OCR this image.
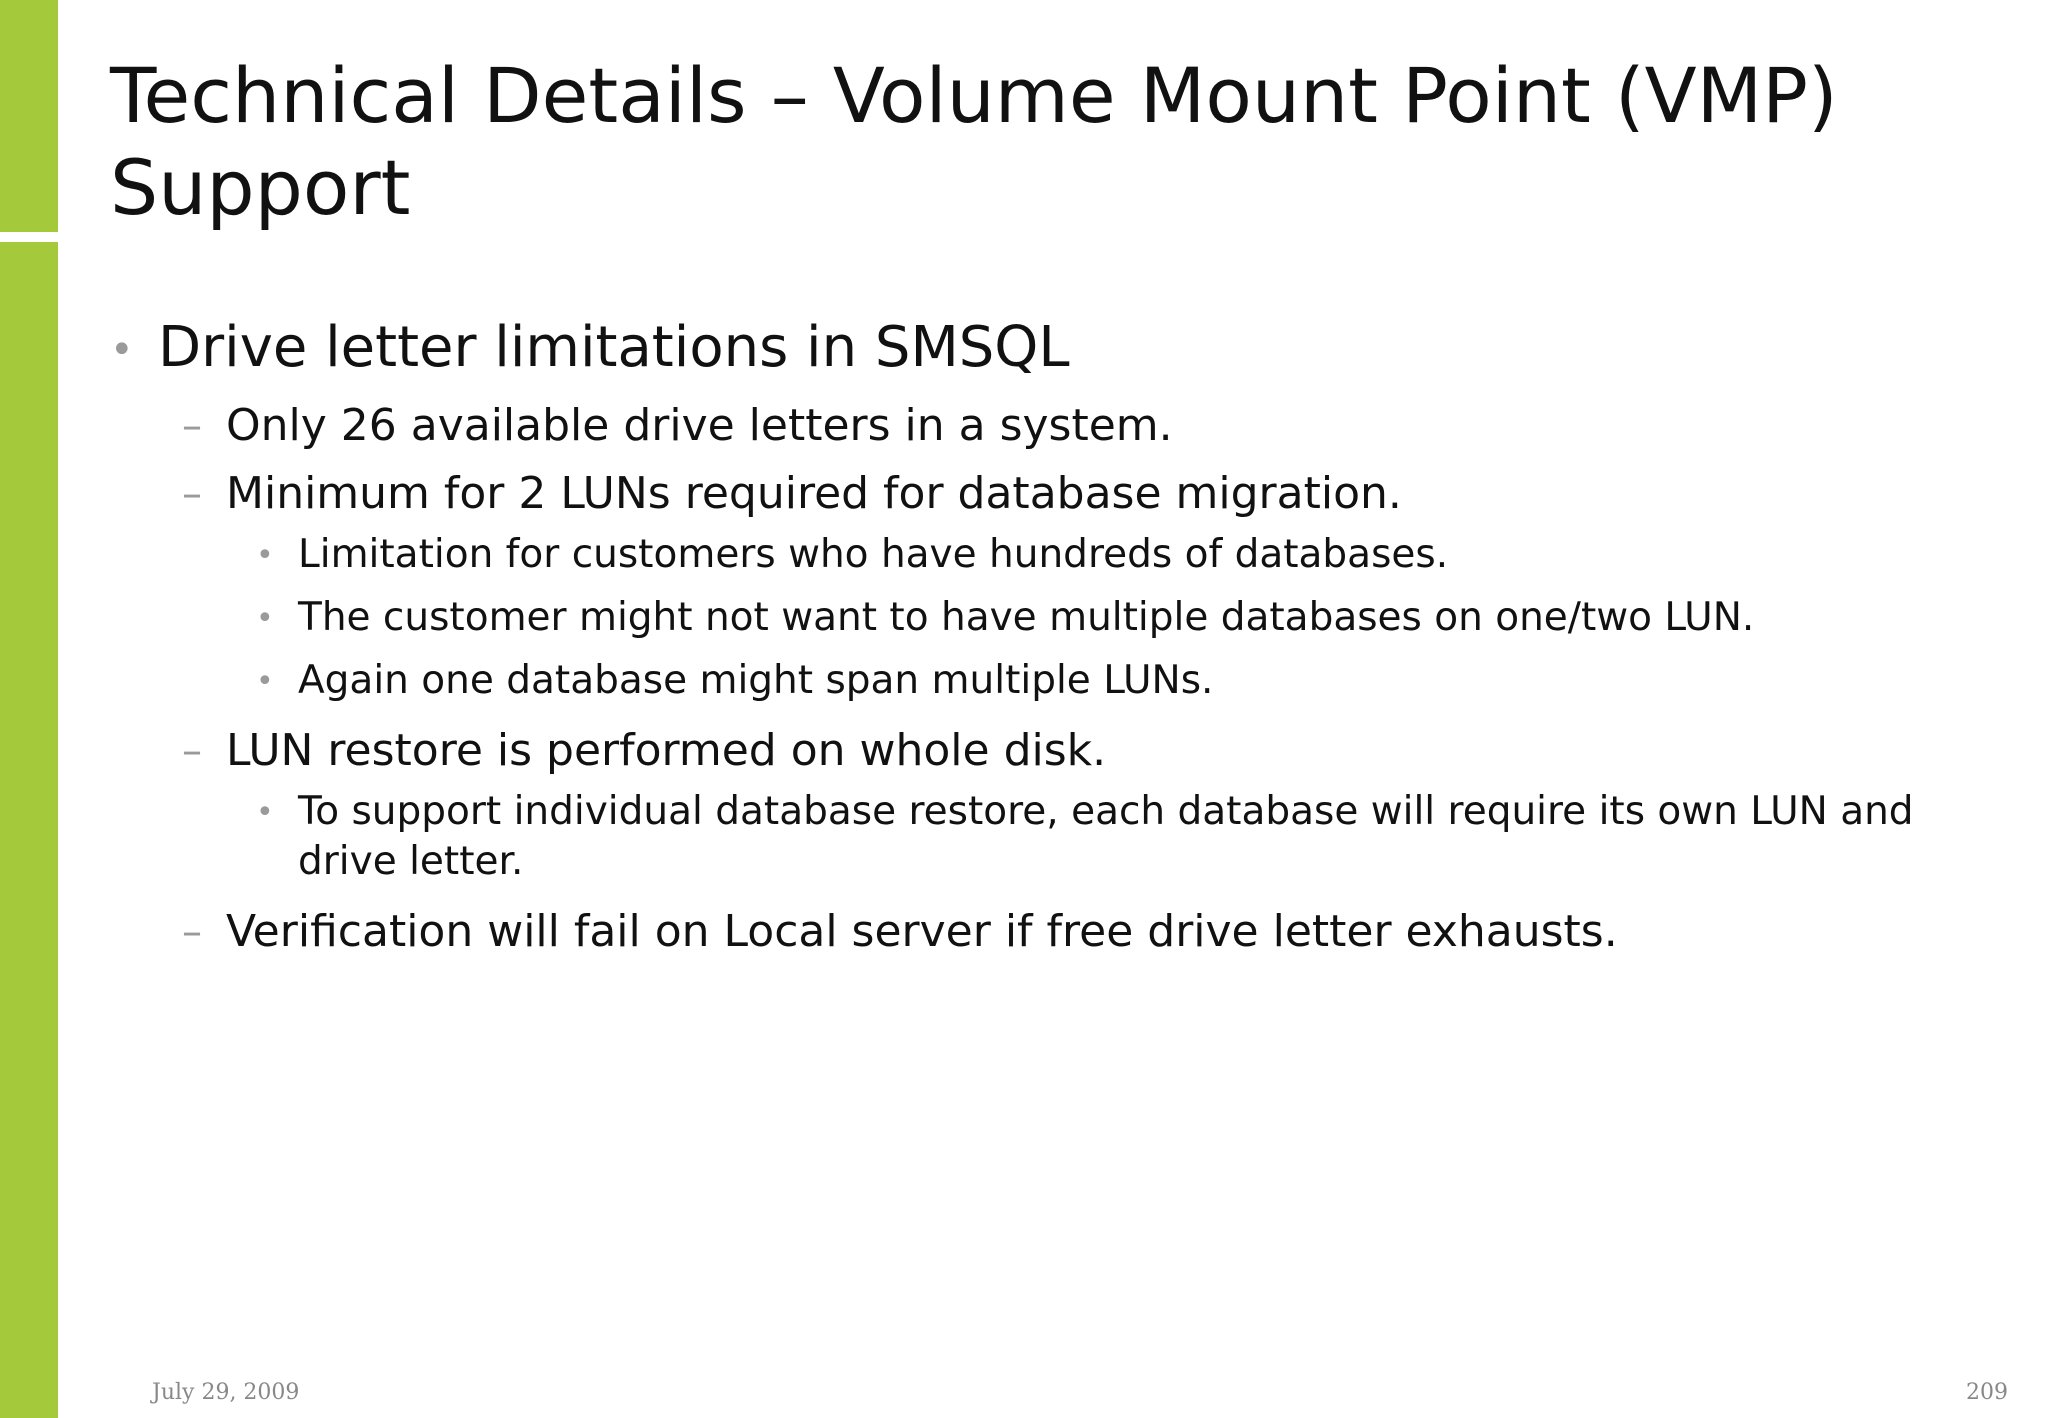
Technical Details – Volume Mount Point (VMP) Support
• Drive letter limitations in SMSQL
– Only 26 available drive letters in a system.
– Minimum for 2 LUNs required for database migration.
• Limitation for customers who have hundreds of databases.
• The customer might not want to have multiple databases on one/two LUN.
• Again one database might span multiple LUNs.
– LUN restore is performed on whole disk.
• To support individual database restore, each database will require its own LUN and drive letter.
– Verification will fail on Local server if free drive letter exhausts.
July 29, 2009	209
